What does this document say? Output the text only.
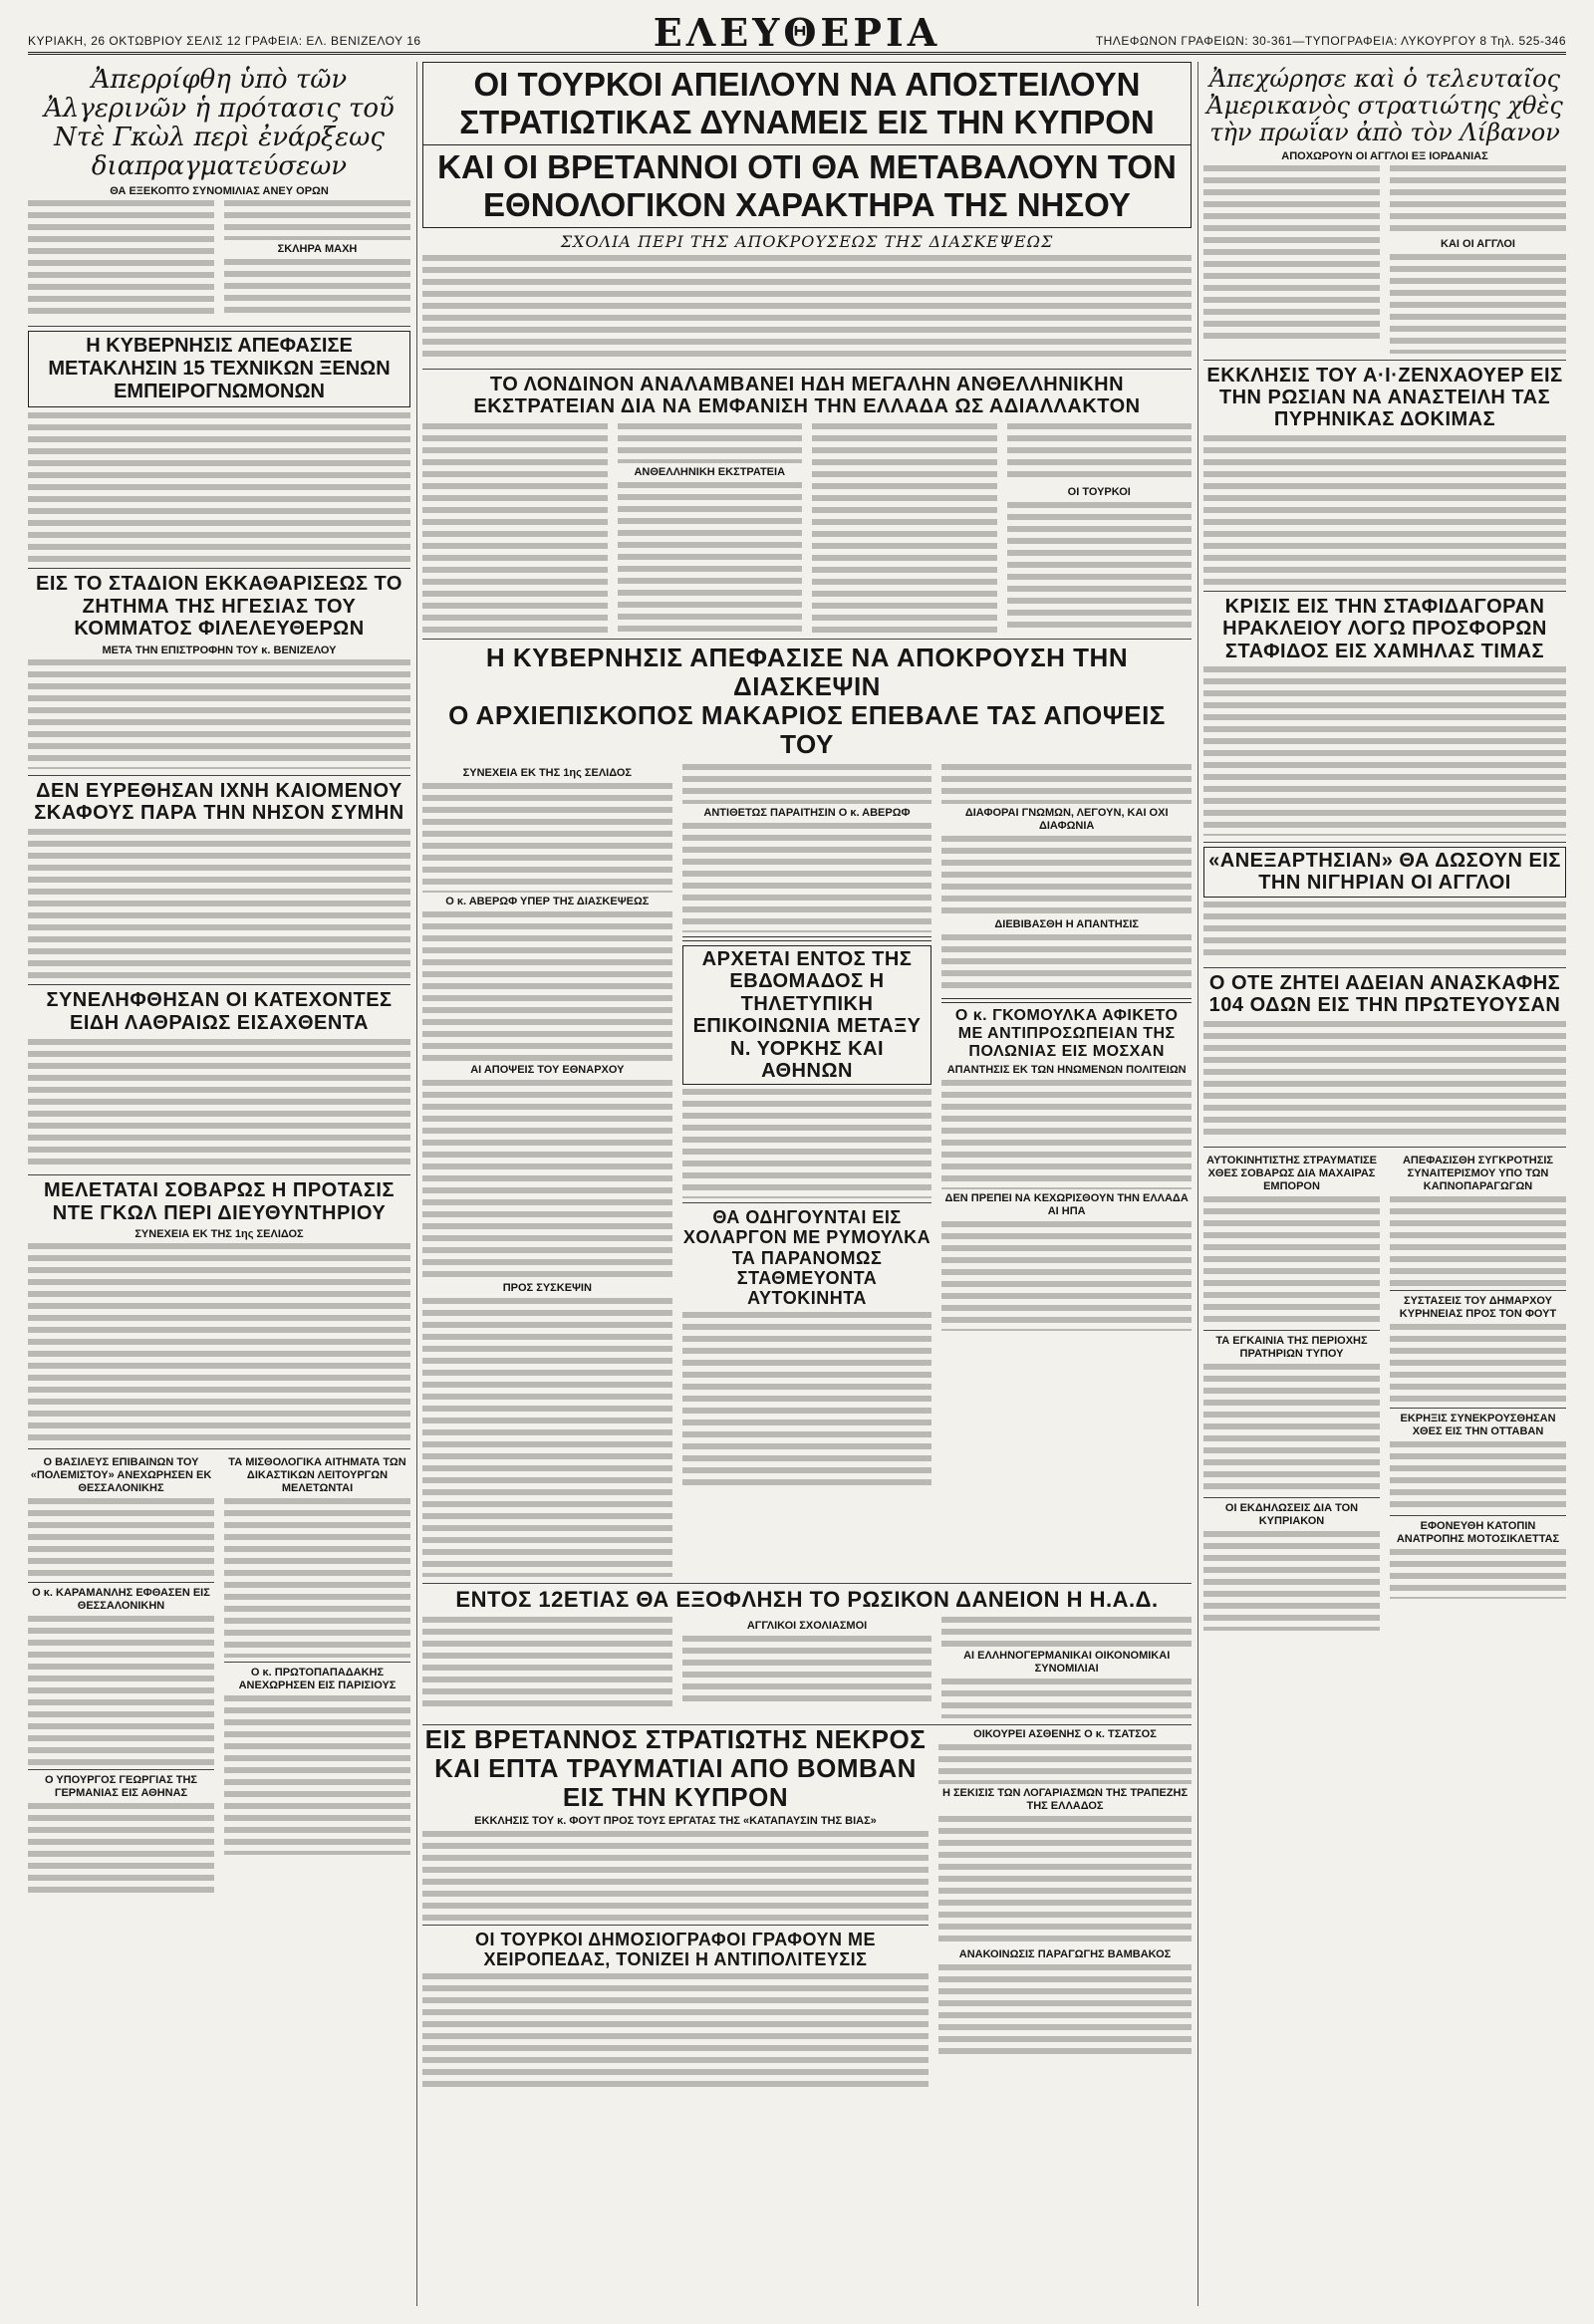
ΚΥΡΙΑΚΗ, 26 ΟΚΤΩΒΡΙΟΥ ΣΕΛΙΣ 12 ΓΡΑΦΕΙΑ: ΕΛ. ΒΕΝΙΖΕΛΟΥ 16	ΕΛΕΥΘΕΡΙΑ	ΤΗΛΕΦΩΝΟΝ ΓΡΑΦΕΙΩΝ: 30-361—ΤΥΠΟΓΡΑΦΕΙΑ: ΛΥΚΟΥΡΓΟΥ 8 Τηλ. 525-346
Ἀπερρίφθη ὑπὸ τῶν Ἀλγερινῶν ἡ πρότασις τοῦ Ντὲ Γκὼλ περὶ ἐνάρξεως διαπραγματεύσεων
ΘΑ ΕΞΕΚΟΠΤΟ ΣΥΝΟΜΙΛΙΑΣ ΑΝΕΥ ΟΡΩΝ
ΣΚΛΗΡΑ ΜΑΧΗ
Η ΚΥΒΕΡΝΗΣΙΣ ΑΠΕΦΑΣΙΣΕ ΜΕΤΑΚΛΗΣΙΝ 15 ΤΕΧΝΙΚΩΝ ΞΕΝΩΝ ΕΜΠΕΙΡΟΓΝΩΜΟΝΩΝ
ΕΙΣ ΤΟ ΣΤΑΔΙΟΝ ΕΚΚΑΘΑΡΙΣΕΩΣ ΤΟ ΖΗΤΗΜΑ ΤΗΣ ΗΓΕΣΙΑΣ ΤΟΥ ΚΟΜΜΑΤΟΣ ΦΙΛΕΛΕΥΘΕΡΩΝ
ΜΕΤΑ ΤΗΝ ΕΠΙΣΤΡΟΦΗΝ ΤΟΥ κ. ΒΕΝΙΖΕΛΟΥ
ΔΕΝ ΕΥΡΕΘΗΣΑΝ ΙΧΝΗ ΚΑΙΟΜΕΝΟΥ ΣΚΑΦΟΥΣ ΠΑΡΑ ΤΗΝ ΝΗΣΟΝ ΣΥΜΗΝ
ΣΥΝΕΛΗΦΘΗΣΑΝ ΟΙ ΚΑΤΕΧΟΝΤΕΣ ΕΙΔΗ ΛΑΘΡΑΙΩΣ ΕΙΣΑΧΘΕΝΤΑ
ΜΕΛΕΤΑΤΑΙ ΣΟΒΑΡΩΣ Η ΠΡΟΤΑΣΙΣ ΝΤΕ ΓΚΩΛ ΠΕΡΙ ΔΙΕΥΘΥΝΤΗΡΙΟΥ
ΣΥΝΕΧΕΙΑ ΕΚ ΤΗΣ 1ης ΣΕΛΙΔΟΣ
Ο ΒΑΣΙΛΕΥΣ ΕΠΙΒΑΙΝΩΝ ΤΟΥ «ΠΟΛΕΜΙΣΤΟΥ» ΑΝΕΧΩΡΗΣΕΝ ΕΚ ΘΕΣΣΑΛΟΝΙΚΗΣ
Ο κ. ΚΑΡΑΜΑΝΛΗΣ ΕΦΘΑΣΕΝ ΕΙΣ ΘΕΣΣΑΛΟΝΙΚΗΝ
Ο ΥΠΟΥΡΓΟΣ ΓΕΩΡΓΙΑΣ ΤΗΣ ΓΕΡΜΑΝΙΑΣ ΕΙΣ ΑΘΗΝΑΣ
ΤΑ ΜΙΣΘΟΛΟΓΙΚΑ ΑΙΤΗΜΑΤΑ ΤΩΝ ΔΙΚΑΣΤΙΚΩΝ ΛΕΙΤΟΥΡΓΩΝ ΜΕΛΕΤΩΝΤΑΙ
Ο κ. ΠΡΩΤΟΠΑΠΑΔΑΚΗΣ ΑΝΕΧΩΡΗΣΕΝ ΕΙΣ ΠΑΡΙΣΙΟΥΣ
ΟΙ ΤΟΥΡΚΟΙ ΑΠΕΙΛΟΥΝ ΝΑ ΑΠΟΣΤΕΙΛΟΥΝ ΣΤΡΑΤΙΩΤΙΚΑΣ ΔΥΝΑΜΕΙΣ ΕΙΣ ΤΗΝ ΚΥΠΡΟΝ
ΚΑΙ ΟΙ ΒΡΕΤΑΝΝΟΙ ΟΤΙ ΘΑ ΜΕΤΑΒΑΛΟΥΝ ΤΟΝ ΕΘΝΟΛΟΓΙΚΟΝ ΧΑΡΑΚΤΗΡΑ ΤΗΣ ΝΗΣΟΥ
ΣΧΟΛΙΑ ΠΕΡΙ ΤΗΣ ΑΠΟΚΡΟΥΣΕΩΣ ΤΗΣ ΔΙΑΣΚΕΨΕΩΣ
ΤΟ ΛΟΝΔΙΝΟΝ ΑΝΑΛΑΜΒΑΝΕΙ ΗΔΗ ΜΕΓΑΛΗΝ ΑΝΘΕΛΛΗΝΙΚΗΝ ΕΚΣΤΡΑΤΕΙΑΝ ΔΙΑ ΝΑ ΕΜΦΑΝΙΣΗ ΤΗΝ ΕΛΛΑΔΑ ΩΣ ΑΔΙΑΛΛΑΚΤΟΝ
ΑΝΘΕΛΛΗΝΙΚΗ ΕΚΣΤΡΑΤΕΙΑ
ΟΙ ΤΟΥΡΚΟΙ
Η ΚΥΒΕΡΝΗΣΙΣ ΑΠΕΦΑΣΙΣΕ ΝΑ ΑΠΟΚΡΟΥΣΗ ΤΗΝ ΔΙΑΣΚΕΨΙΝ
Ο ΑΡΧΙΕΠΙΣΚΟΠΟΣ ΜΑΚΑΡΙΟΣ ΕΠΕΒΑΛΕ ΤΑΣ ΑΠΟΨΕΙΣ ΤΟΥ
ΣΥΝΕΧΕΙΑ ΕΚ ΤΗΣ 1ης ΣΕΛΙΔΟΣ
Ο κ. ΑΒΕΡΩΦ ΥΠΕΡ ΤΗΣ ΔΙΑΣΚΕΨΕΩΣ
ΑΙ ΑΠΟΨΕΙΣ ΤΟΥ ΕΘΝΑΡΧΟΥ
ΠΡΟΣ ΣΥΣΚΕΨΙΝ
ΑΝΤΙΘΕΤΩΣ ΠΑΡΑΙΤΗΣΙΝ Ο κ. ΑΒΕΡΩΦ
ΑΡΧΕΤΑΙ ΕΝΤΟΣ ΤΗΣ ΕΒΔΟΜΑΔΟΣ Η ΤΗΛΕΤΥΠΙΚΗ ΕΠΙΚΟΙΝΩΝΙΑ ΜΕΤΑΞΥ Ν. ΥΟΡΚΗΣ ΚΑΙ ΑΘΗΝΩΝ
ΘΑ ΟΔΗΓΟΥΝΤΑΙ ΕΙΣ ΧΟΛΑΡΓΟΝ ΜΕ ΡΥΜΟΥΛΚΑ ΤΑ ΠΑΡΑΝΟΜΩΣ ΣΤΑΘΜΕΥΟΝΤΑ ΑΥΤΟΚΙΝΗΤΑ
ΔΙΑΦΟΡΑΙ ΓΝΩΜΩΝ, ΛΕΓΟΥΝ, ΚΑΙ ΟΧΙ ΔΙΑΦΩΝΙΑ
ΔΙΕΒΙΒΑΣΘΗ Η ΑΠΑΝΤΗΣΙΣ
Ο κ. ΓΚΟΜΟΥΛΚΑ ΑΦΙΚΕΤΟ ΜΕ ΑΝΤΙΠΡΟΣΩΠΕΙΑΝ ΤΗΣ ΠΟΛΩΝΙΑΣ ΕΙΣ ΜΟΣΧΑΝ
ΑΠΑΝΤΗΣΙΣ ΕΚ ΤΩΝ ΗΝΩΜΕΝΩΝ ΠΟΛΙΤΕΙΩΝ
ΔΕΝ ΠΡΕΠΕΙ ΝΑ ΚΕΧΩΡΙΣΘΟΥΝ ΤΗΝ ΕΛΛΑΔΑ ΑΙ ΗΠΑ
ΕΝΤΟΣ 12ΕΤΙΑΣ ΘΑ ΕΞΟΦΛΗΣΗ ΤΟ ΡΩΣΙΚΟΝ ΔΑΝΕΙΟΝ Η Η.Α.Δ.
ΑΓΓΛΙΚΟΙ ΣΧΟΛΙΑΣΜΟΙ
ΑΙ ΕΛΛΗΝΟΓΕΡΜΑΝΙΚΑΙ ΟΙΚΟΝΟΜΙΚΑΙ ΣΥΝΟΜΙΛΙΑΙ
ΕΙΣ ΒΡΕΤΑΝΝΟΣ ΣΤΡΑΤΙΩΤΗΣ ΝΕΚΡΟΣ ΚΑΙ ΕΠΤΑ ΤΡΑΥΜΑΤΙΑΙ ΑΠΟ ΒΟΜΒΑΝ ΕΙΣ ΤΗΝ ΚΥΠΡΟΝ
ΕΚΚΛΗΣΙΣ ΤΟΥ κ. ΦΟΥΤ ΠΡΟΣ ΤΟΥΣ ΕΡΓΑΤΑΣ ΤΗΣ «ΚΑΤΑΠΑΥΣΙΝ ΤΗΣ ΒΙΑΣ»
ΟΙ ΤΟΥΡΚΟΙ ΔΗΜΟΣΙΟΓΡΑΦΟΙ ΓΡΑΦΟΥΝ ΜΕ ΧΕΙΡΟΠΕΔΑΣ, ΤΟΝΙΖΕΙ Η ΑΝΤΙΠΟΛΙΤΕΥΣΙΣ
ΟΙΚΟΥΡΕΙ ΑΣΘΕΝΗΣ Ο κ. ΤΣΑΤΣΟΣ
Η ΣΕΚΙΣΙΣ ΤΩΝ ΛΟΓΑΡΙΑΣΜΩΝ ΤΗΣ ΤΡΑΠΕΖΗΣ ΤΗΣ ΕΛΛΑΔΟΣ
ΑΝΑΚΟΙΝΩΣΙΣ ΠΑΡΑΓΩΓΗΣ ΒΑΜΒΑΚΟΣ
Ἀπεχώρησε καὶ ὁ τελευταῖος Ἀμερικανὸς στρατιώτης χθὲς τὴν πρωΐαν ἀπὸ τὸν Λίβανον
ΑΠΟΧΩΡΟΥΝ ΟΙ ΑΓΓΛΟΙ ΕΞ ΙΟΡΔΑΝΙΑΣ
ΚΑΙ ΟΙ ΑΓΓΛΟΙ
ΕΚΚΛΗΣΙΣ ΤΟΥ Α·Ι·ΖΕΝΧΑΟΥΕΡ ΕΙΣ ΤΗΝ ΡΩΣΙΑΝ ΝΑ ΑΝΑΣΤΕΙΛΗ ΤΑΣ ΠΥΡΗΝΙΚΑΣ ΔΟΚΙΜΑΣ
ΚΡΙΣΙΣ ΕΙΣ ΤΗΝ ΣΤΑΦΙΔΑΓΟΡΑΝ ΗΡΑΚΛΕΙΟΥ ΛΟΓΩ ΠΡΟΣΦΟΡΩΝ ΣΤΑΦΙΔΟΣ ΕΙΣ ΧΑΜΗΛΑΣ ΤΙΜΑΣ
«ΑΝΕΞΑΡΤΗΣΙΑΝ» ΘΑ ΔΩΣΟΥΝ ΕΙΣ ΤΗΝ ΝΙΓΗΡΙΑΝ ΟΙ ΑΓΓΛΟΙ
Ο ΟΤΕ ΖΗΤΕΙ ΑΔΕΙΑΝ ΑΝΑΣΚΑΦΗΣ 104 ΟΔΩΝ ΕΙΣ ΤΗΝ ΠΡΩΤΕΥΟΥΣΑΝ
ΑΥΤΟΚΙΝΗΤΙΣΤΗΣ ΣΤΡΑΥΜΑΤΙΣΕ ΧΘΕΣ ΣΟΒΑΡΩΣ ΔΙΑ ΜΑΧΑΙΡΑΣ ΕΜΠΟΡΟΝ
ΤΑ ΕΓΚΑΙΝΙΑ ΤΗΣ ΠΕΡΙΟΧΗΣ ΠΡΑΤΗΡΙΩΝ ΤΥΠΟΥ
ΟΙ ΕΚΔΗΛΩΣΕΙΣ ΔΙΑ ΤΟΝ ΚΥΠΡΙΑΚΟΝ
ΑΠΕΦΑΣΙΣΘΗ ΣΥΓΚΡΟΤΗΣΙΣ ΣΥΝΑΙΤΕΡΙΣΜΟΥ ΥΠΟ ΤΩΝ ΚΑΠΝΟΠΑΡΑΓΩΓΩΝ
ΣΥΣΤΑΣΕΙΣ ΤΟΥ ΔΗΜΑΡΧΟΥ ΚΥΡΗΝΕΙΑΣ ΠΡΟΣ ΤΟΝ ΦΟΥΤ
ΕΚΡΗΞΙΣ ΣΥΝΕΚΡΟΥΣΘΗΣΑΝ ΧΘΕΣ ΕΙΣ ΤΗΝ ΟΤΤΑΒΑΝ
ΕΦΟΝΕΥΘΗ ΚΑΤΟΠΙΝ ΑΝΑΤΡΟΠΗΣ ΜΟΤΟΣΙΚΛΕΤΤΑΣ
